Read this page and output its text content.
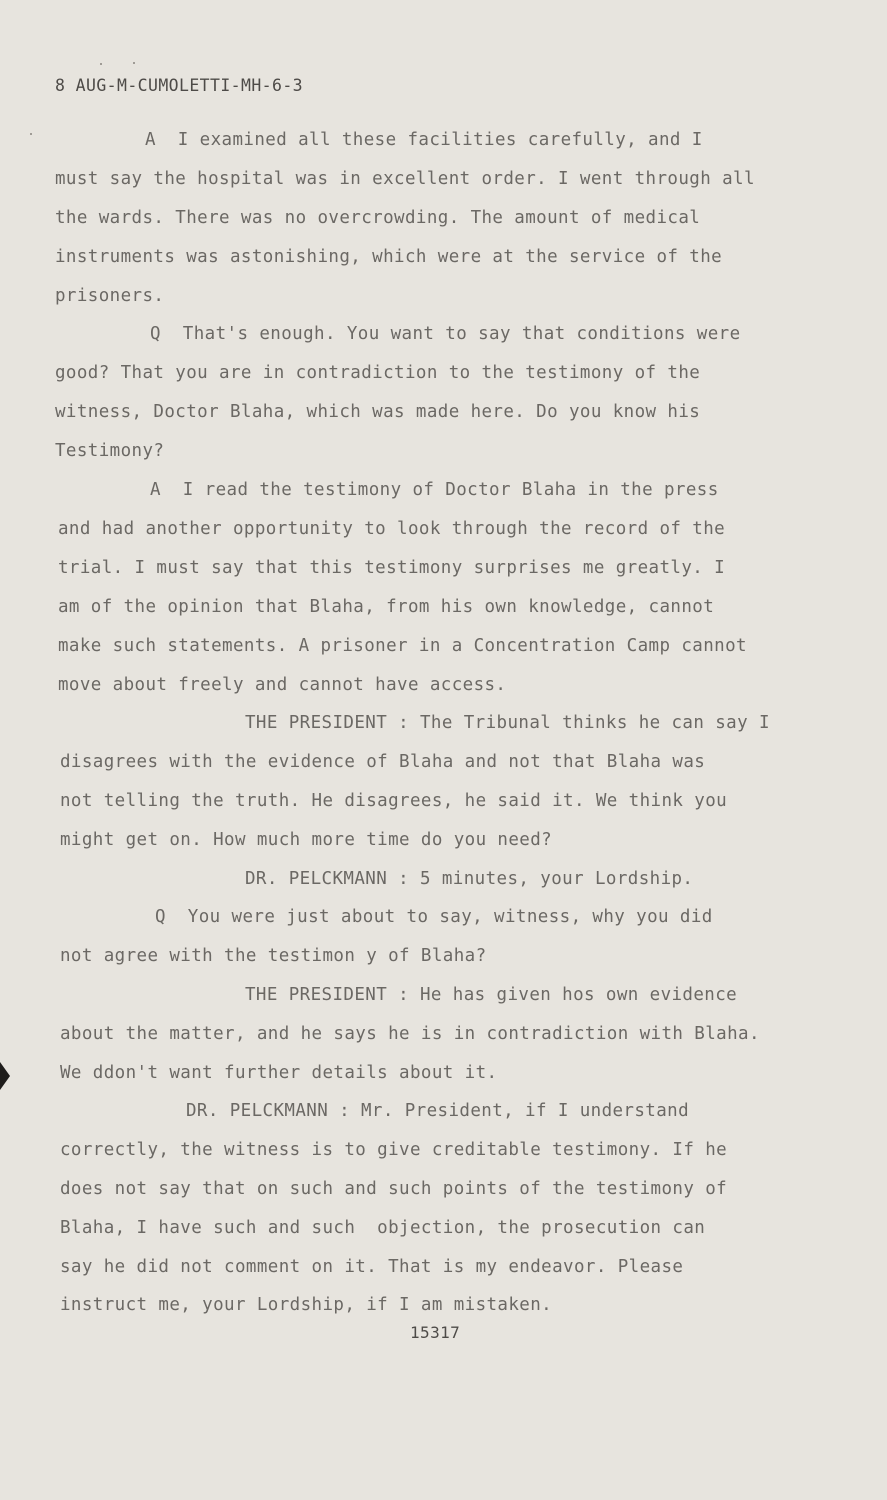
8 AUG-M-CUMOLETTI-MH-6-3
A  I examined all these facilities carefully, and I
must say the hospital was in excellent order. I went through all
the wards. There was no overcrowding. The amount of medical
instruments was astonishing, which were at the service of the
prisoners.
Q  That's enough. You want to say that conditions were
good? That you are in contradiction to the testimony of the
witness, Doctor Blaha, which was made here. Do you know his
Testimony?
A  I read the testimony of Doctor Blaha in the press
and had another opportunity to look through the record of the
trial. I must say that this testimony surprises me greatly. I
am of the opinion that Blaha, from his own knowledge, cannot
make such statements. A prisoner in a Concentration Camp cannot
move about freely and cannot have access.
THE PRESIDENT : The Tribunal thinks he can say I
disagrees with the evidence of Blaha and not that Blaha was
not telling the truth. He disagrees, he said it. We think you
might get on. How much more time do you need?
DR. PELCKMANN : 5 minutes, your Lordship.
Q  You were just about to say, witness, why you did
not agree with the testimon y of Blaha?
THE PRESIDENT : He has given hos own evidence
about the matter, and he says he is in contradiction with Blaha.
We ddon't want further details about it.
DR. PELCKMANN : Mr. President, if I understand
correctly, the witness is to give creditable testimony. If he
does not say that on such and such points of the testimony of
Blaha, I have such and such  objection, the prosecution can
say he did not comment on it. That is my endeavor. Please
instruct me, your Lordship, if I am mistaken.
15317
